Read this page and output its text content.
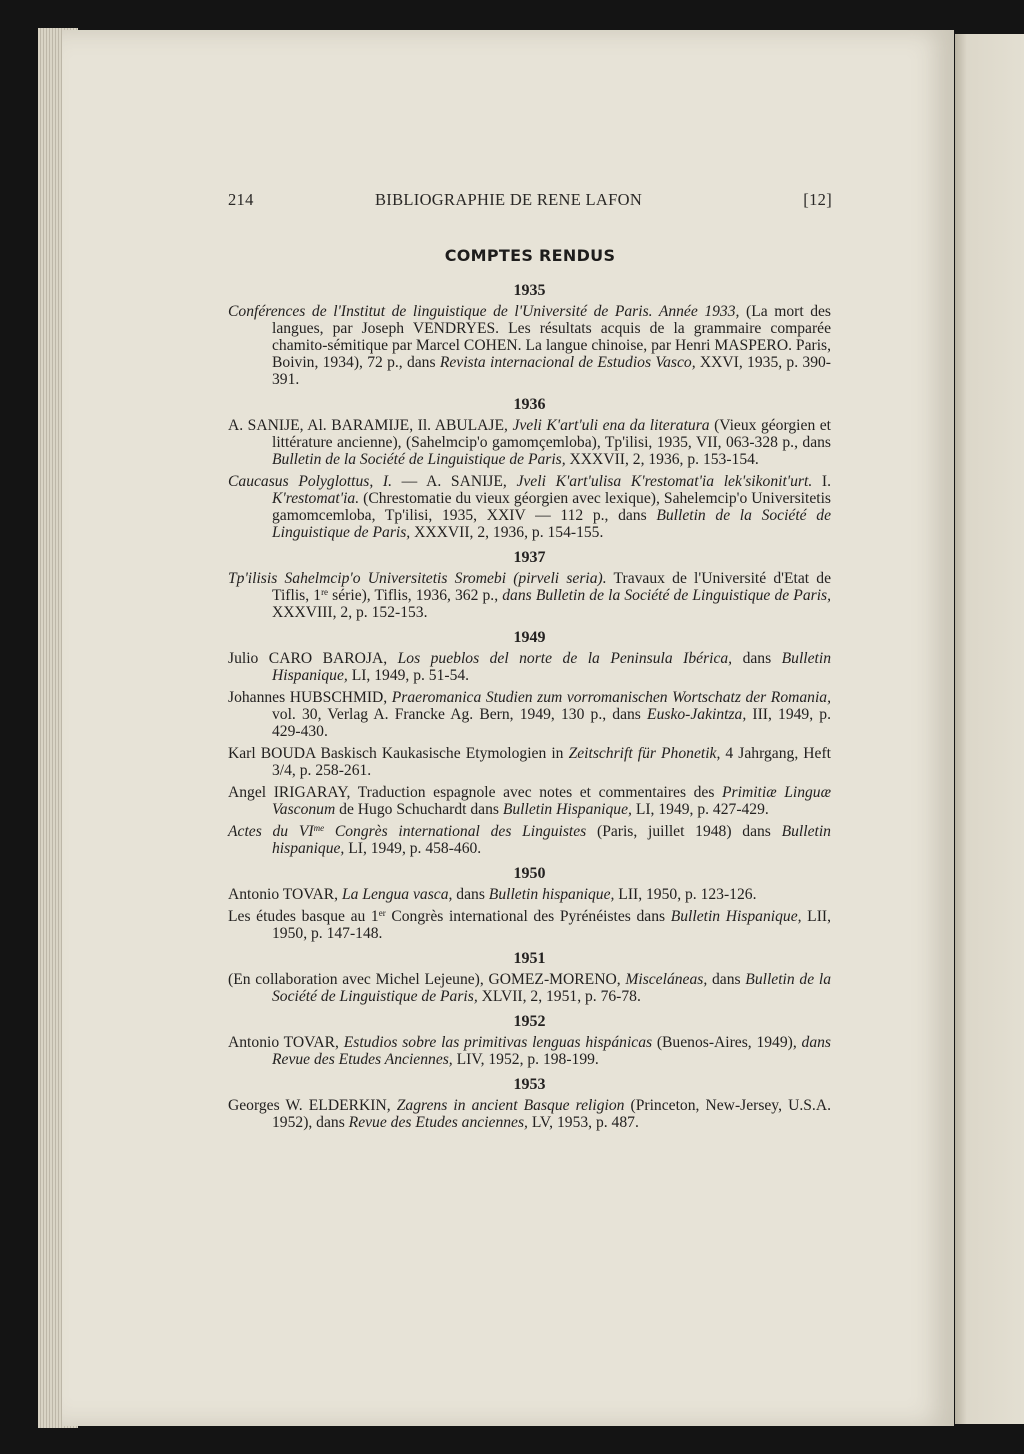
214	BIBLIOGRAPHIE DE RENE LAFON	[12]
COMPTES RENDUS
1935
Conférences de l'Institut de linguistique de l'Université de Paris. Année 1933, (La mort des langues, par Joseph VENDRYES. Les résultats acquis de la grammaire comparée chamito-sémitique par Marcel COHEN. La langue chinoise, par Henri MASPERO. Paris, Boivin, 1934), 72 p., dans Revista internacional de Estudios Vasco, XXVI, 1935, p. 390-391.
1936
A. SANIJE, Al. BARAMIJE, Il. ABULAJE, Jveli K'art'uli ena da literatura (Vieux géorgien et littérature ancienne), (Sahelmcip'o gamomçemloba), Tp'ilisi, 1935, VII, 063-328 p., dans Bulletin de la Société de Linguistique de Paris, XXXVII, 2, 1936, p. 153-154.
Caucasus Polyglottus, I. — A. SANIJE, Jveli K'art'ulisa K'restomat'ia lek'sikonit'urt. I. K'restomat'ia. (Chrestomatie du vieux géorgien avec lexique), Sahelemcip'o Universitetis gamomcemloba, Tp'ilisi, 1935, XXIV — 112 p., dans Bulletin de la Société de Linguistique de Paris, XXXVII, 2, 1936, p. 154-155.
1937
Tp'ilisis Sahelmcip'o Universitetis Sromebi (pirveli seria). Travaux de l'Université d'Etat de Tiflis, 1re série), Tiflis, 1936, 362 p., dans Bulletin de la Société de Linguistique de Paris, XXXVIII, 2, p. 152-153.
1949
Julio CARO BAROJA, Los pueblos del norte de la Peninsula Ibérica, dans Bulletin Hispanique, LI, 1949, p. 51-54.
Johannes HUBSCHMID, Praeromanica Studien zum vorromanischen Wortschatz der Romania, vol. 30, Verlag A. Francke Ag. Bern, 1949, 130 p., dans Eusko-Jakintza, III, 1949, p. 429-430.
Karl BOUDA Baskisch Kaukasische Etymologien in Zeitschrift für Phonetik, 4 Jahrgang, Heft 3/4, p. 258-261.
Angel IRIGARAY, Traduction espagnole avec notes et commentaires des Primitiæ Linguæ Vasconum de Hugo Schuchardt dans Bulletin Hispanique, LI, 1949, p. 427-429.
Actes du $VI^{me}$ Congrès international des Linguistes (Paris, juillet 1948) dans Bulletin hispanique, LI, 1949, p. 458-460.
1950
Antonio TOVAR, La Lengua vasca, dans Bulletin hispanique, LII, 1950, p. 123-126.
Les études basque au 1er Congrès international des Pyrénéistes dans Bulletin Hispanique, LII, 1950, p. 147-148.
1951
(En collaboration avec Michel Lejeune), GOMEZ-MORENO, Misceláneas, dans Bulletin de la Société de Linguistique de Paris, XLVII, 2, 1951, p. 76-78.
1952
Antonio TOVAR, Estudios sobre las primitivas lenguas hispánicas (Buenos-Aires, 1949), dans Revue des Etudes Anciennes, LIV, 1952, p. 198-199.
1953
Georges W. ELDERKIN, Zagrens in ancient Basque religion (Princeton, New-Jersey, U.S.A. 1952), dans Revue des Etudes anciennes, LV, 1953, p. 487.
